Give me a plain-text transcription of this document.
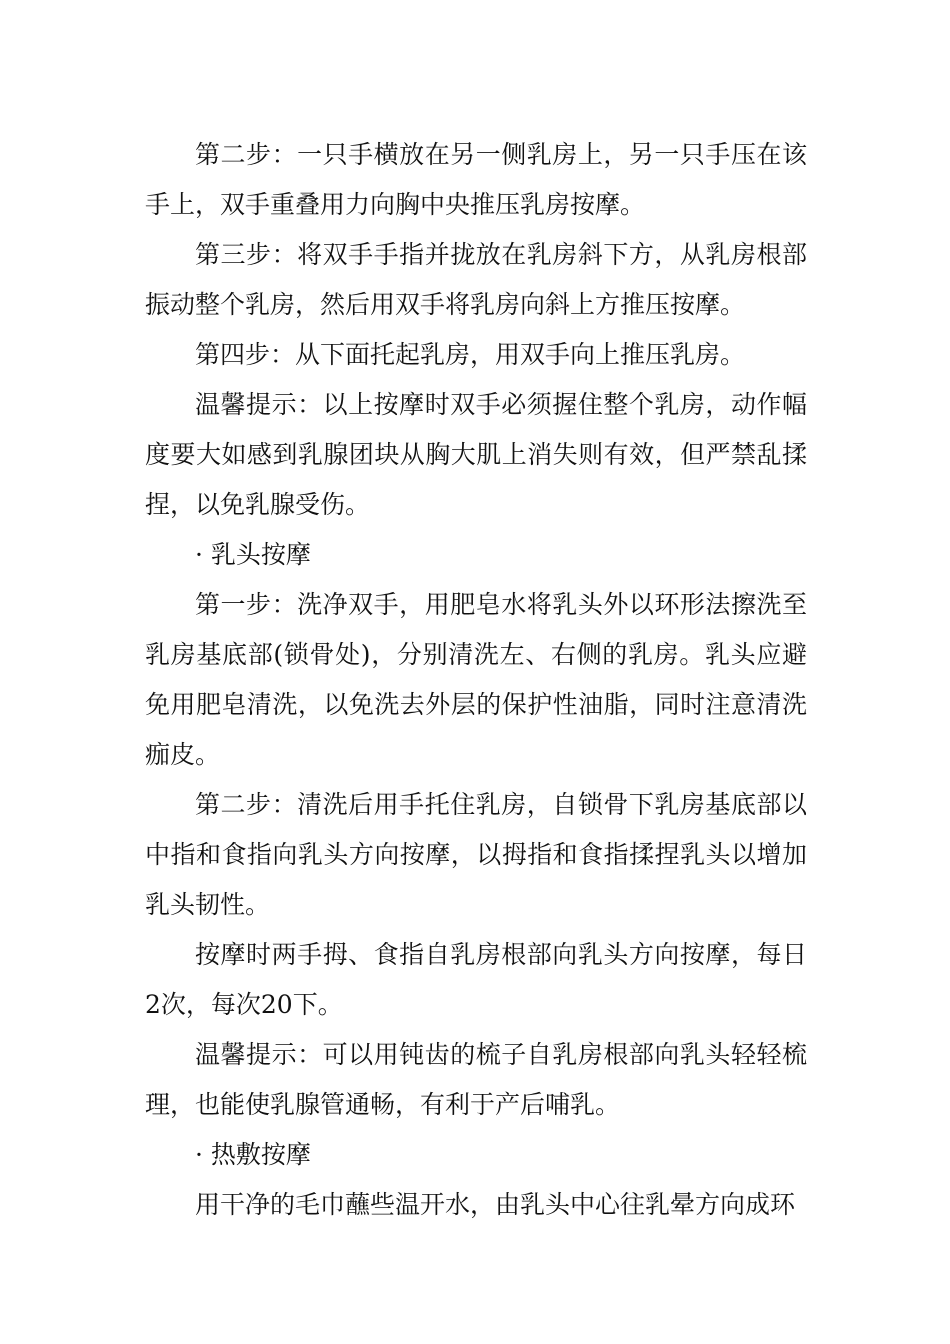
第二步：一只手横放在另一侧乳房上，另一只手压在该手上，双手重叠用力向胸中央推压乳房按摩。

第三步：将双手手指并拢放在乳房斜下方，从乳房根部振动整个乳房，然后用双手将乳房向斜上方推压按摩。

第四步：从下面托起乳房，用双手向上推压乳房。

温馨提示：以上按摩时双手必须握住整个乳房，动作幅度要大如感到乳腺团块从胸大肌上消失则有效，但严禁乱揉捏，以免乳腺受伤。

· 乳头按摩

第一步：洗净双手，用肥皂水将乳头外以环形法擦洗至乳房基底部(锁骨处)，分别清洗左、右侧的乳房。乳头应避免用肥皂清洗，以免洗去外层的保护性油脂，同时注意清洗痂皮。

第二步：清洗后用手托住乳房，自锁骨下乳房基底部以中指和食指向乳头方向按摩，以拇指和食指揉捏乳头以增加乳头韧性。

按摩时两手拇、食指自乳房根部向乳头方向按摩，每日2次，每次20下。

温馨提示：可以用钝齿的梳子自乳房根部向乳头轻轻梳理，也能使乳腺管通畅，有利于产后哺乳。

· 热敷按摩

用干净的毛巾蘸些温开水，由乳头中心往乳晕方向成环
